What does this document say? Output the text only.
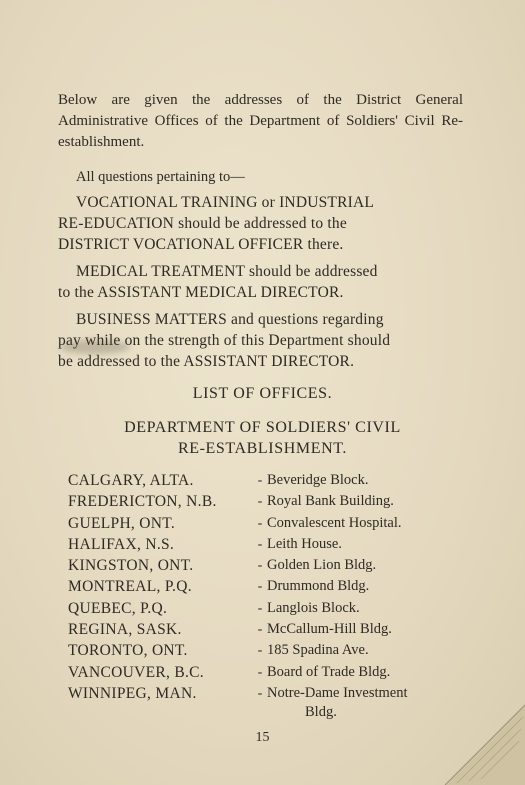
Below are given the addresses of the District General Administrative Offices of the Department of Soldiers' Civil Re-establishment.

All questions pertaining to—

VOCATIONAL TRAINING or INDUSTRIAL
RE-EDUCATION should be addressed to the
DISTRICT VOCATIONAL OFFICER there.

MEDICAL TREATMENT should be addressed
to the ASSISTANT MEDICAL DIRECTOR.

BUSINESS MATTERS and questions regarding
pay while on the strength of this Department should
be addressed to the ASSISTANT DIRECTOR.

LIST OF OFFICES.
DEPARTMENT OF SOLDIERS' CIVIL
RE-ESTABLISHMENT.
CALGARY, ALTA.	- Beveridge Block.
FREDERICTON, N.B.	- Royal Bank Building.
GUELPH, ONT.	- Convalescent Hospital.
HALIFAX, N.S.	- Leith House.
KINGSTON, ONT.	- Golden Lion Bldg.
MONTREAL, P.Q.	- Drummond Bldg.
QUEBEC, P.Q.	- Langlois Block.
REGINA, SASK.	- McCallum-Hill Bldg.
TORONTO, ONT.	- 185 Spadina Ave.
VANCOUVER, B.C.	- Board of Trade Bldg.
WINNIPEG, MAN.	- Notre-Dame Investment
Bldg.
15
